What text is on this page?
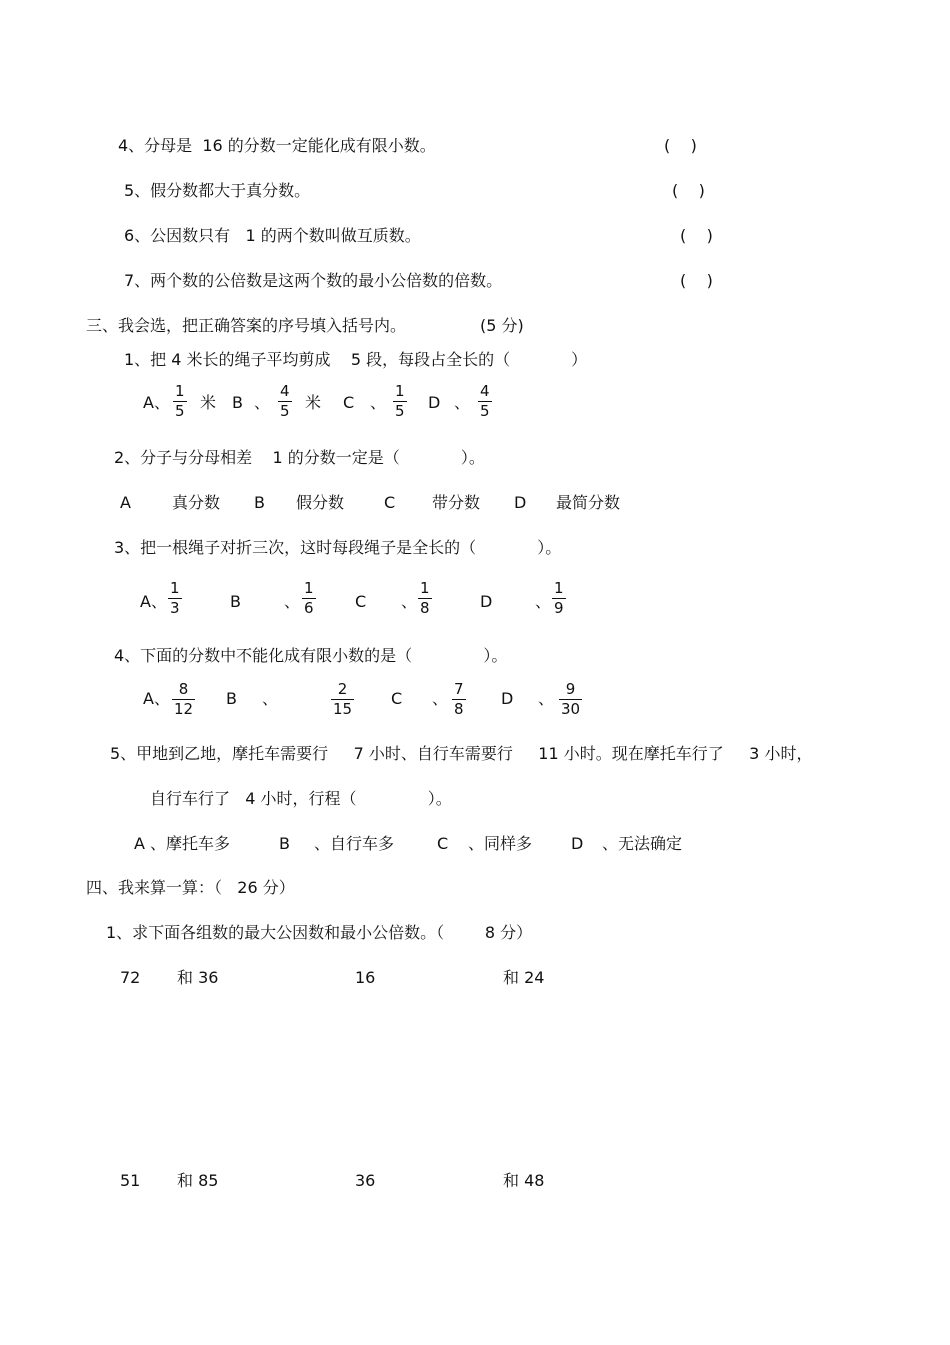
4、分母是  16 的分数一定能化成有限小数。	(    )
5、假分数都大于真分数。	(    )
6、公因数只有   1 的两个数叫做互质数。	(    )
7、两个数的公倍数是这两个数的最小公倍数的倍数。	(    )
三、我会选，把正确答案的序号填入括号内。	(5 分)
1、把 4 米长的绳子平均剪成    5 段，每段占全长的（            ）
A、
1
5 米 B 、
4
5 米 C 、
1
5 D 、
4
5
2、分子与分母相差    1 的分数一定是（            ）。
A	真分数 B 假分数 C 带分数 D 最简分数
3、把一根绳子对折三次，这时每段绳子是全长的（            ）。
A、
1
3	B	、
1
6	C 、
1
8	D	、
1
9
4、下面的分数中不能化成有限小数的是（              ）。
A、 8
12
B 、	2
15
C 、 7
8
D 、 9
30
5、甲地到乙地，摩托车需要行     7 小时、自行车需要行     11 小时。现在摩托车行了     3 小时，
自行车行了   4 小时，行程（              ）。
A 、摩托车多	B 、自行车多	C 、同样多 D 、无法确定
四、我来算一算：（   26 分）
1、求下面各组数的最大公因数和最小公倍数。（        8 分）
72 和 36	16	和 24
51 和 85	36	和 48
